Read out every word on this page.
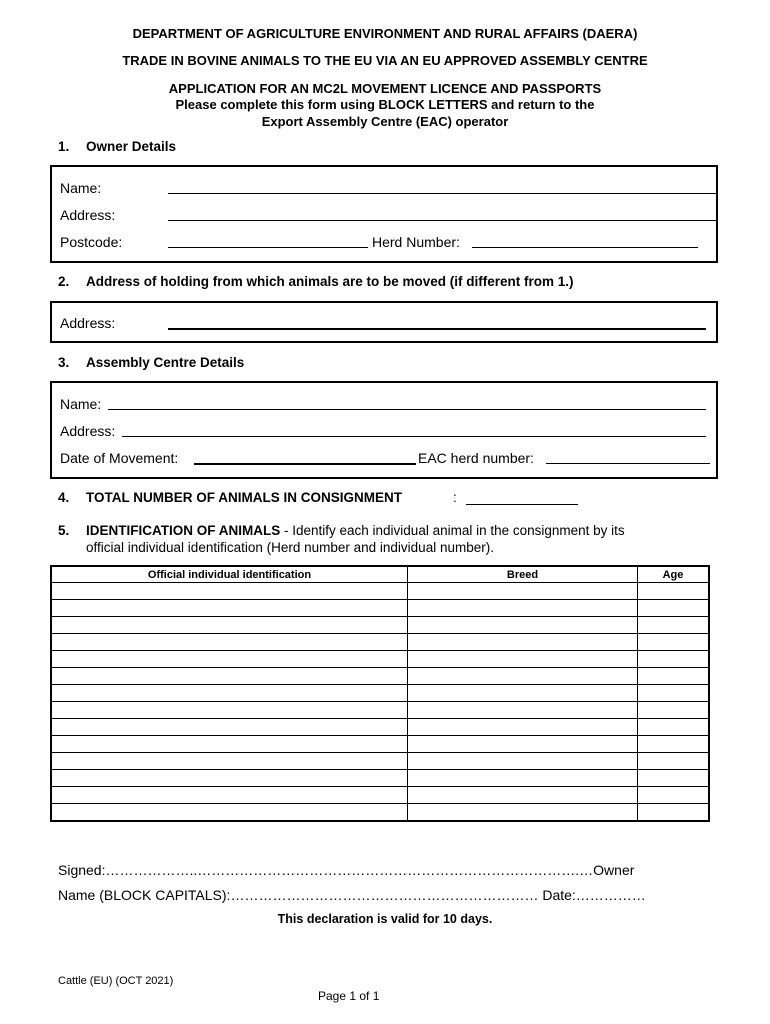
DEPARTMENT OF AGRICULTURE ENVIRONMENT AND RURAL AFFAIRS (DAERA)
TRADE IN BOVINE ANIMALS TO THE EU VIA AN EU APPROVED ASSEMBLY CENTRE
APPLICATION FOR AN MC2L MOVEMENT LICENCE AND PASSPORTS
Please complete this form using BLOCK LETTERS and return to the
Export Assembly Centre (EAC) operator
1. Owner Details
Name:
Address:
Postcode:	Herd Number:
2. Address of holding from which animals are to be moved (if different from 1.)
Address:
3. Assembly Centre Details
Name:
Address:
Date of Movement:	EAC herd number:
4. TOTAL NUMBER OF ANIMALS IN CONSIGNMENT	:
5. IDENTIFICATION OF ANIMALS - Identify each individual animal in the consignment by its
official individual identification (Herd number and individual number).
Official individual identification	Breed	Age

Signed:………………..……………………………………………………………………….…Owner
Name (BLOCK CAPITALS):………………………………………………………… Date:……………
This declaration is valid for 10 days.
Cattle (EU) (OCT 2021)
Page 1 of 1
